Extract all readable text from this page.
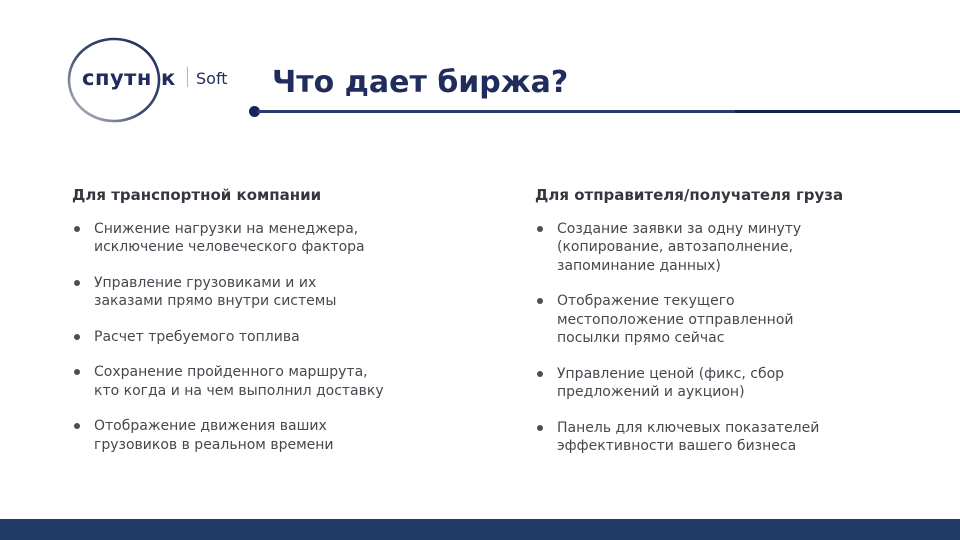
спутн к | Soft Что дает биржа?

Для транспортной компании

Снижение нагрузки на менеджера, исключение человеческого фактора
Управление грузовиками и их заказами прямо внутри системы
Расчет требуемого топлива
Сохранение пройденного маршрута, кто когда и на чем выполнил доставку
Отображение движения ваших грузовиков в реальном времени

Для отправителя/получателя груза

Создание заявки за одну минуту (копирование, автозаполнение, запоминание данных)
Отображение текущего местоположение отправленной посылки прямо сейчас
Управление ценой (фикс, сбор предложений и аукцион)
Панель для ключевых показателей эффективности вашего бизнеса
